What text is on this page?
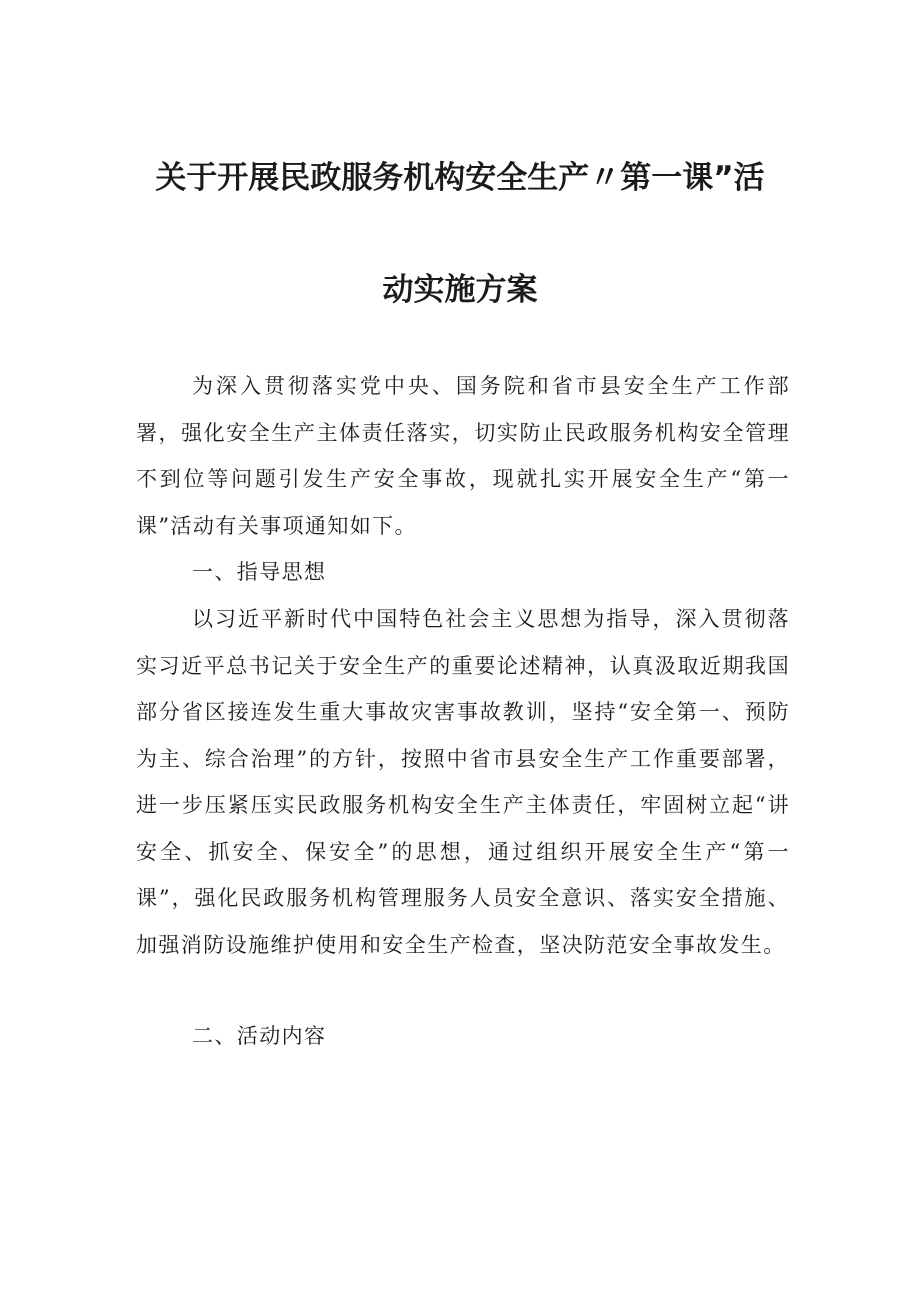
关于开展民政服务机构安全生产〃第一课”活
动实施方案

为深入贯彻落实党中央、国务院和省市县安全生产工作部署，强化安全生产主体责任落实，切实防止民政服务机构安全管理不到位等问题引发生产安全事故，现就扎实开展安全生产“第一课”活动有关事项通知如下。

一、指导思想

以习近平新时代中国特色社会主义思想为指导，深入贯彻落实习近平总书记关于安全生产的重要论述精神，认真汲取近期我国部分省区接连发生重大事故灾害事故教训，坚持“安全第一、预防为主、综合治理”的方针，按照中省市县安全生产工作重要部署，进一步压紧压实民政服务机构安全生产主体责任，牢固树立起“讲安全、抓安全、保安全”的思想，通过组织开展安全生产“第一课”，强化民政服务机构管理服务人员安全意识、落实安全措施、加强消防设施维护使用和安全生产检查，坚决防范安全事故发生。

二、活动内容
